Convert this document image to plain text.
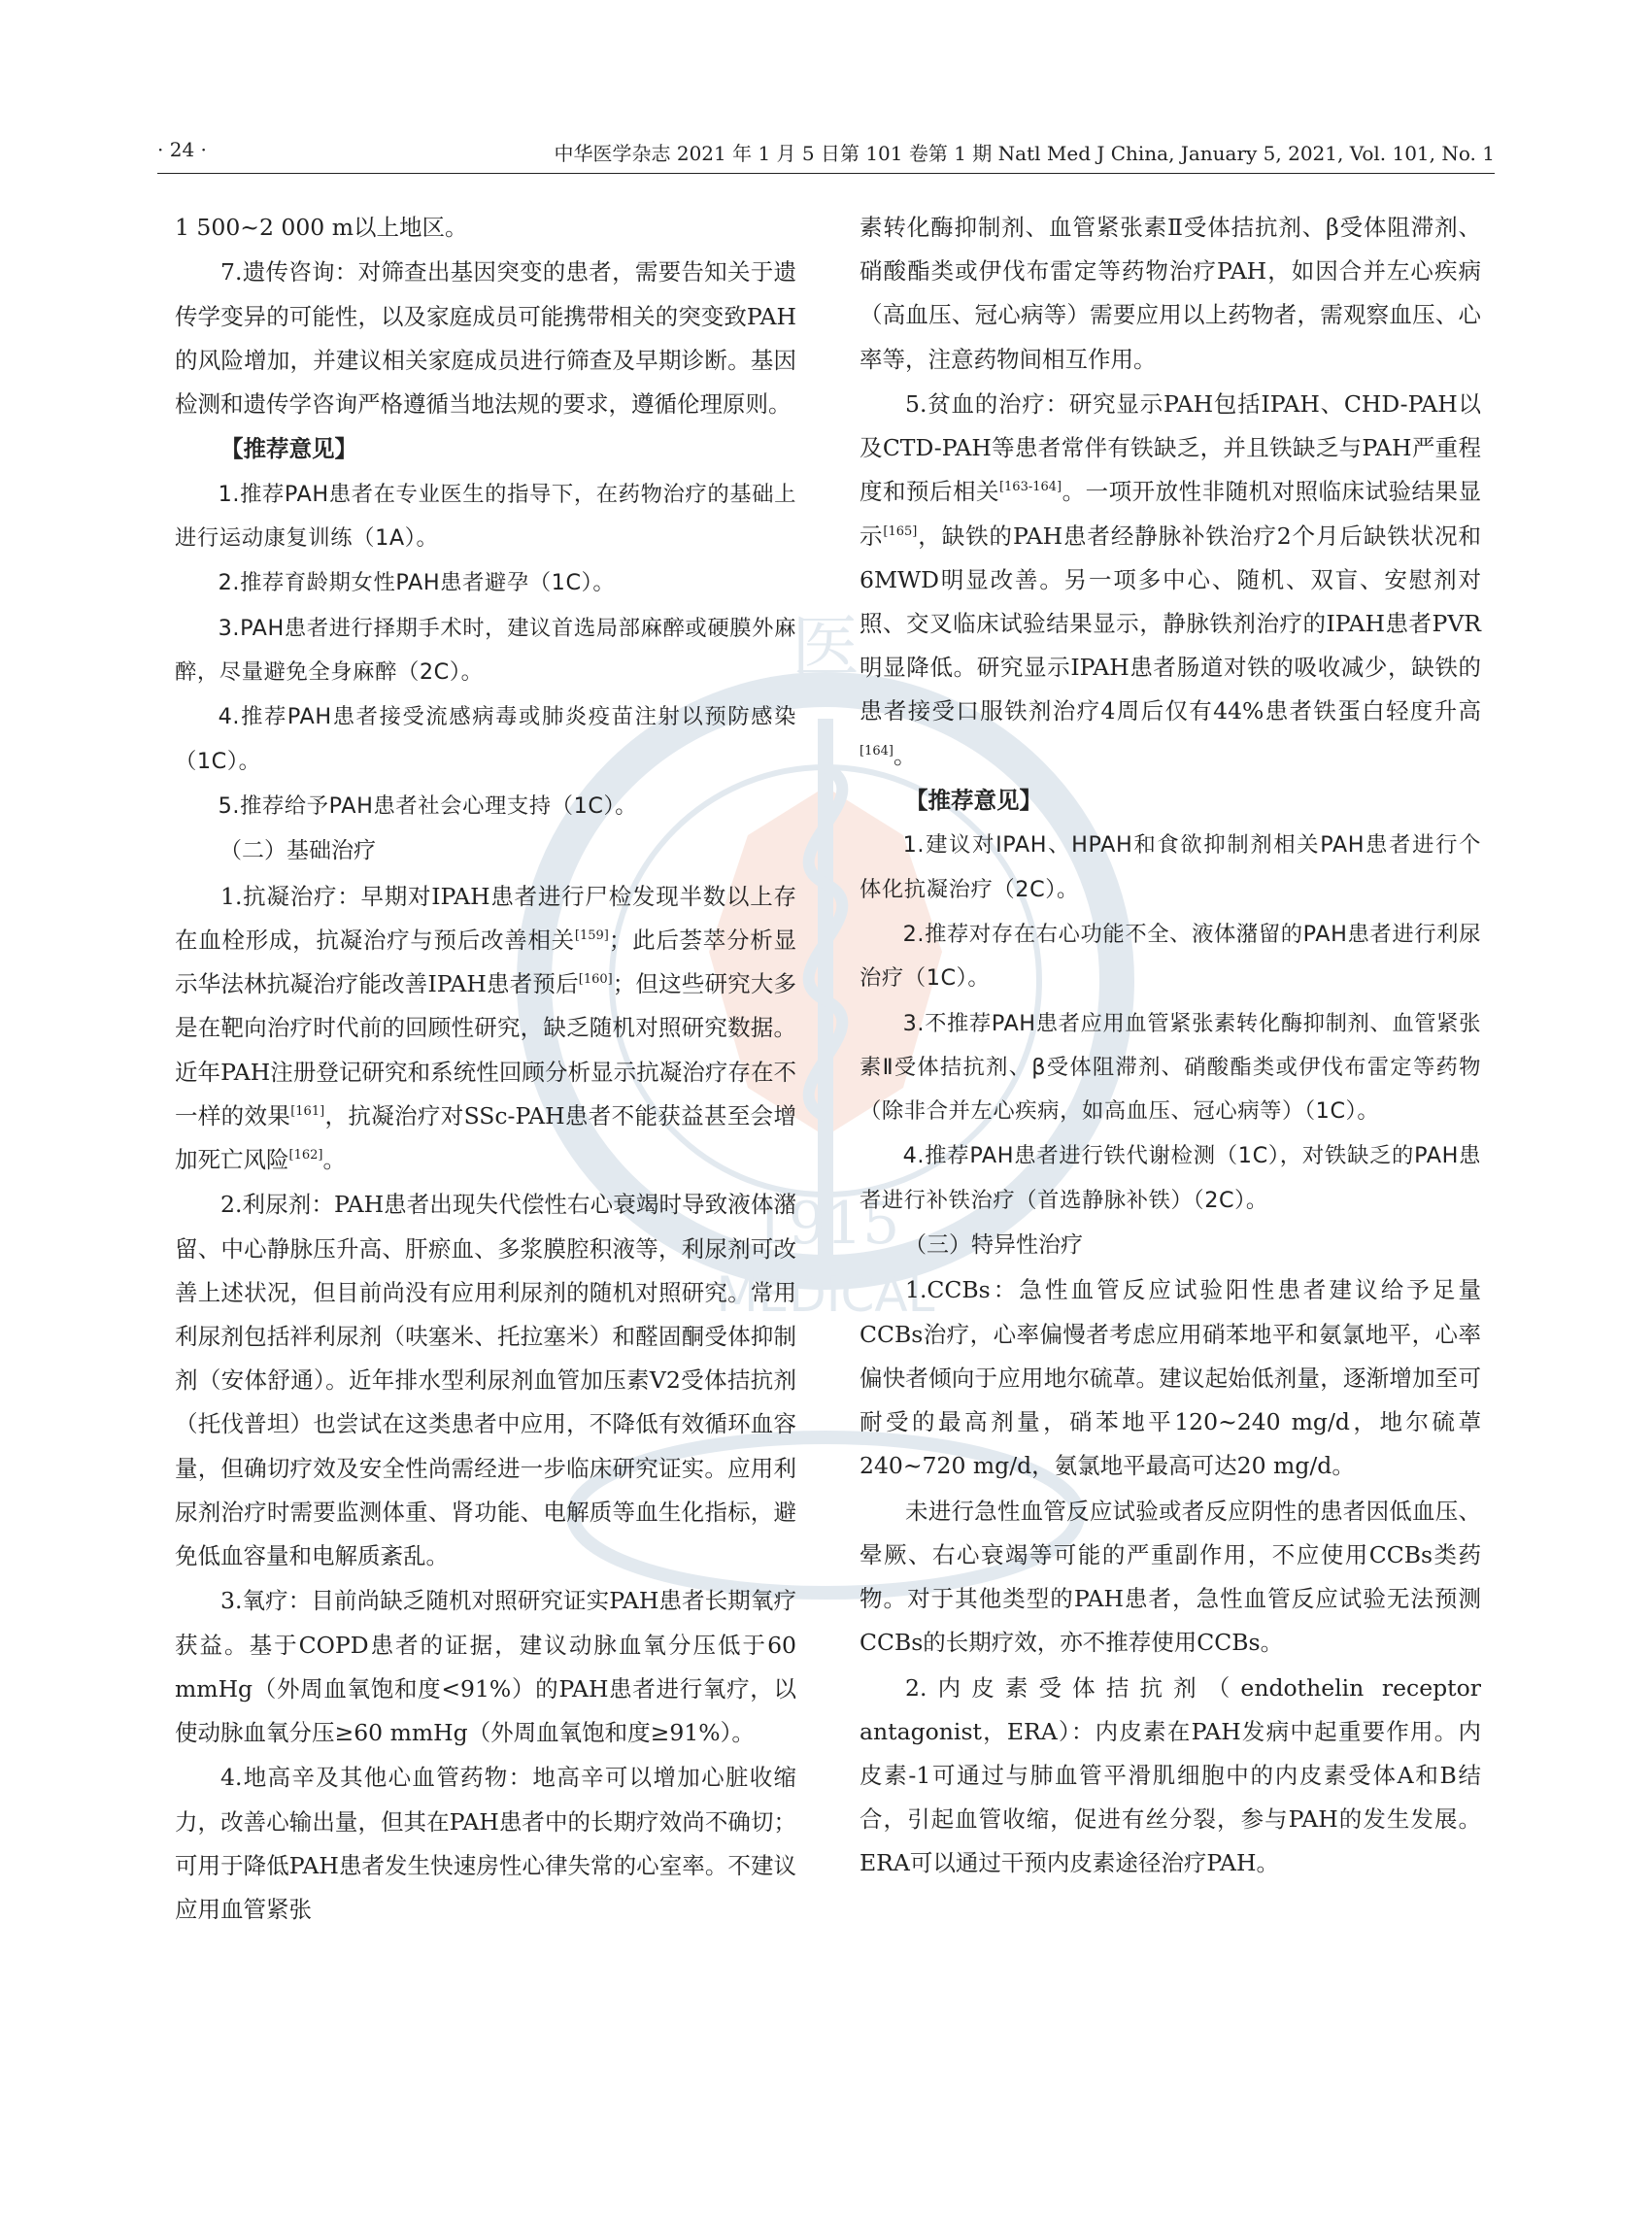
医
1915
MEDICAL
· 24 ·	中华医学杂志 2021 年 1 月 5 日第 101 卷第 1 期 Natl Med J China, January 5, 2021, Vol. 101, No. 1

1 500~2 000 m以上地区。

7.遗传咨询：对筛查出基因突变的患者，需要告知关于遗传学变异的可能性，以及家庭成员可能携带相关的突变致PAH的风险增加，并建议相关家庭成员进行筛查及早期诊断。基因检测和遗传学咨询严格遵循当地法规的要求，遵循伦理原则。

【推荐意见】

1.推荐PAH患者在专业医生的指导下，在药物治疗的基础上进行运动康复训练（1A）。

2.推荐育龄期女性PAH患者避孕（1C）。

3.PAH患者进行择期手术时，建议首选局部麻醉或硬膜外麻醉，尽量避免全身麻醉（2C）。

4.推荐PAH患者接受流感病毒或肺炎疫苗注射以预防感染（1C）。

5.推荐给予PAH患者社会心理支持（1C）。

（二）基础治疗

1.抗凝治疗：早期对IPAH患者进行尸检发现半数以上存在血栓形成，抗凝治疗与预后改善相关[159]；此后荟萃分析显示华法林抗凝治疗能改善IPAH患者预后[160]；但这些研究大多是在靶向治疗时代前的回顾性研究，缺乏随机对照研究数据。近年PAH注册登记研究和系统性回顾分析显示抗凝治疗存在不一样的效果[161]，抗凝治疗对SSc-PAH患者不能获益甚至会增加死亡风险[162]。

2.利尿剂：PAH患者出现失代偿性右心衰竭时导致液体潴留、中心静脉压升高、肝瘀血、多浆膜腔积液等，利尿剂可改善上述状况，但目前尚没有应用利尿剂的随机对照研究。常用利尿剂包括袢利尿剂（呋塞米、托拉塞米）和醛固酮受体抑制剂（安体舒通）。近年排水型利尿剂血管加压素V2受体拮抗剂（托伐普坦）也尝试在这类患者中应用，不降低有效循环血容量，但确切疗效及安全性尚需经进一步临床研究证实。应用利尿剂治疗时需要监测体重、肾功能、电解质等血生化指标，避免低血容量和电解质紊乱。

3.氧疗：目前尚缺乏随机对照研究证实PAH患者长期氧疗获益。基于COPD患者的证据，建议动脉血氧分压低于60 mmHg（外周血氧饱和度<91%）的PAH患者进行氧疗，以使动脉血氧分压≥60 mmHg（外周血氧饱和度≥91%）。

4.地高辛及其他心血管药物：地高辛可以增加心脏收缩力，改善心输出量，但其在PAH患者中的长期疗效尚不确切；可用于降低PAH患者发生快速房性心律失常的心室率。不建议应用血管紧张

素转化酶抑制剂、血管紧张素Ⅱ受体拮抗剂、β受体阻滞剂、硝酸酯类或伊伐布雷定等药物治疗PAH，如因合并左心疾病（高血压、冠心病等）需要应用以上药物者，需观察血压、心率等，注意药物间相互作用。

5.贫血的治疗：研究显示PAH包括IPAH、CHD-PAH以及CTD-PAH等患者常伴有铁缺乏，并且铁缺乏与PAH严重程度和预后相关[163-164]。一项开放性非随机对照临床试验结果显示[165]，缺铁的PAH患者经静脉补铁治疗2个月后缺铁状况和6MWD明显改善。另一项多中心、随机、双盲、安慰剂对照、交叉临床试验结果显示，静脉铁剂治疗的IPAH患者PVR明显降低。研究显示IPAH患者肠道对铁的吸收减少，缺铁的患者接受口服铁剂治疗4周后仅有44%患者铁蛋白轻度升高[164]。

【推荐意见】

1.建议对IPAH、HPAH和食欲抑制剂相关PAH患者进行个体化抗凝治疗（2C）。

2.推荐对存在右心功能不全、液体潴留的PAH患者进行利尿治疗（1C）。

3.不推荐PAH患者应用血管紧张素转化酶抑制剂、血管紧张素Ⅱ受体拮抗剂、β受体阻滞剂、硝酸酯类或伊伐布雷定等药物（除非合并左心疾病，如高血压、冠心病等）（1C）。

4.推荐PAH患者进行铁代谢检测（1C），对铁缺乏的PAH患者进行补铁治疗（首选静脉补铁）（2C）。

（三）特异性治疗

1.CCBs：急性血管反应试验阳性患者建议给予足量CCBs治疗，心率偏慢者考虑应用硝苯地平和氨氯地平，心率偏快者倾向于应用地尔硫䓬。建议起始低剂量，逐渐增加至可耐受的最高剂量，硝苯地平120~240 mg/d，地尔硫䓬240~720 mg/d，氨氯地平最高可达20 mg/d。

未进行急性血管反应试验或者反应阴性的患者因低血压、晕厥、右心衰竭等可能的严重副作用，不应使用CCBs类药物。对于其他类型的PAH患者，急性血管反应试验无法预测CCBs的长期疗效，亦不推荐使用CCBs。

2.内皮素受体拮抗剂（endothelin receptor antagonist，ERA）：内皮素在PAH发病中起重要作用。内皮素-1可通过与肺血管平滑肌细胞中的内皮素受体A和B结合，引起血管收缩，促进有丝分裂，参与PAH的发生发展。ERA可以通过干预内皮素途径治疗PAH。
